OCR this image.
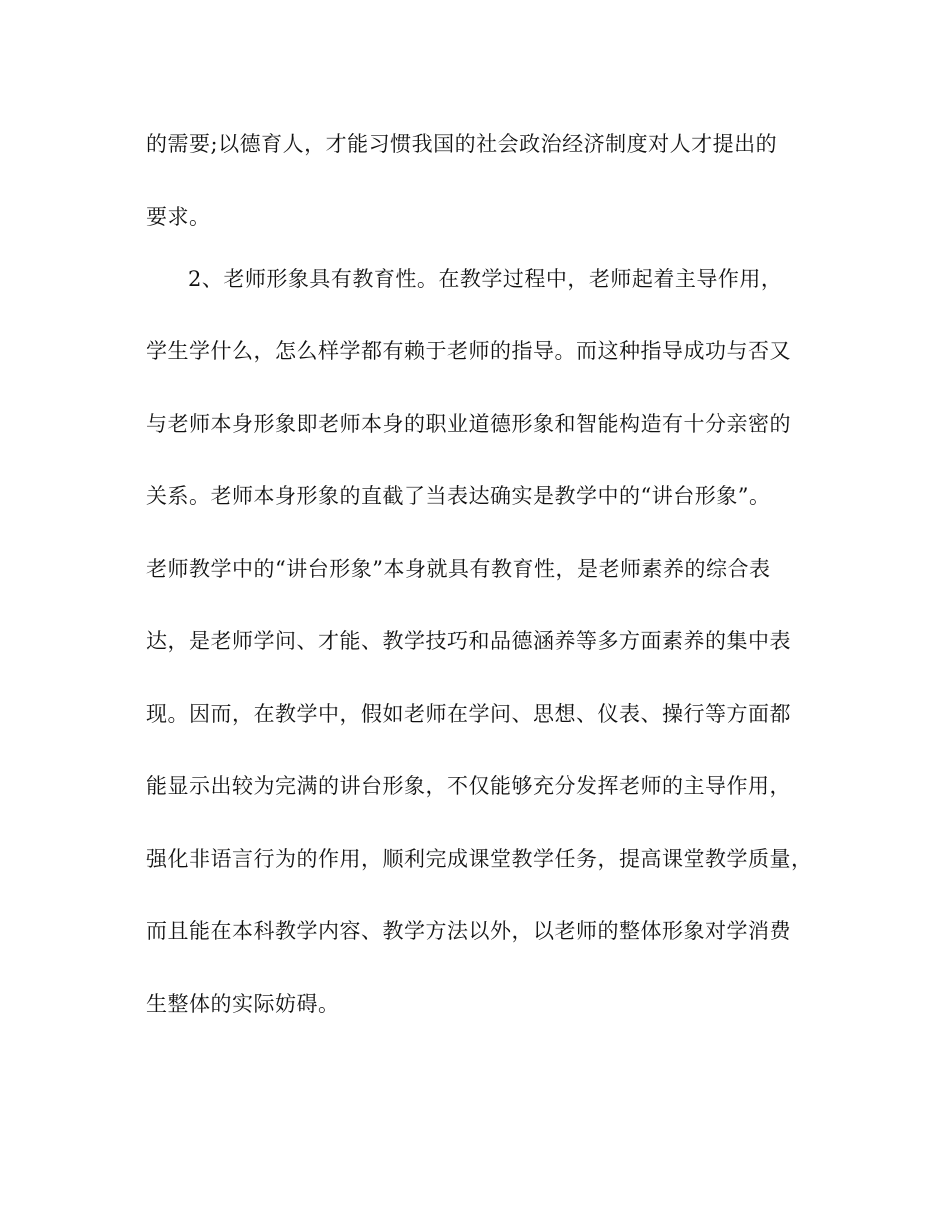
的需要;以德育人，才能习惯我国的社会政治经济制度对人才提出的
要求。
2、老师形象具有教育性。在教学过程中，老师起着主导作用，
学生学什么，怎么样学都有赖于老师的指导。而这种指导成功与否又
与老师本身形象即老师本身的职业道德形象和智能构造有十分亲密的
关系。老师本身形象的直截了当表达确实是教学中的“讲台形象”。
老师教学中的“讲台形象”本身就具有教育性，是老师素养的综合表
达，是老师学问、才能、教学技巧和品德涵养等多方面素养的集中表
现。因而，在教学中，假如老师在学问、思想、仪表、操行等方面都
能显示出较为完满的讲台形象，不仅能够充分发挥老师的主导作用，
强化非语言行为的作用，顺利完成课堂教学任务，提高课堂教学质量，
而且能在本科教学内容、教学方法以外，以老师的整体形象对学消费
生整体的实际妨碍。
